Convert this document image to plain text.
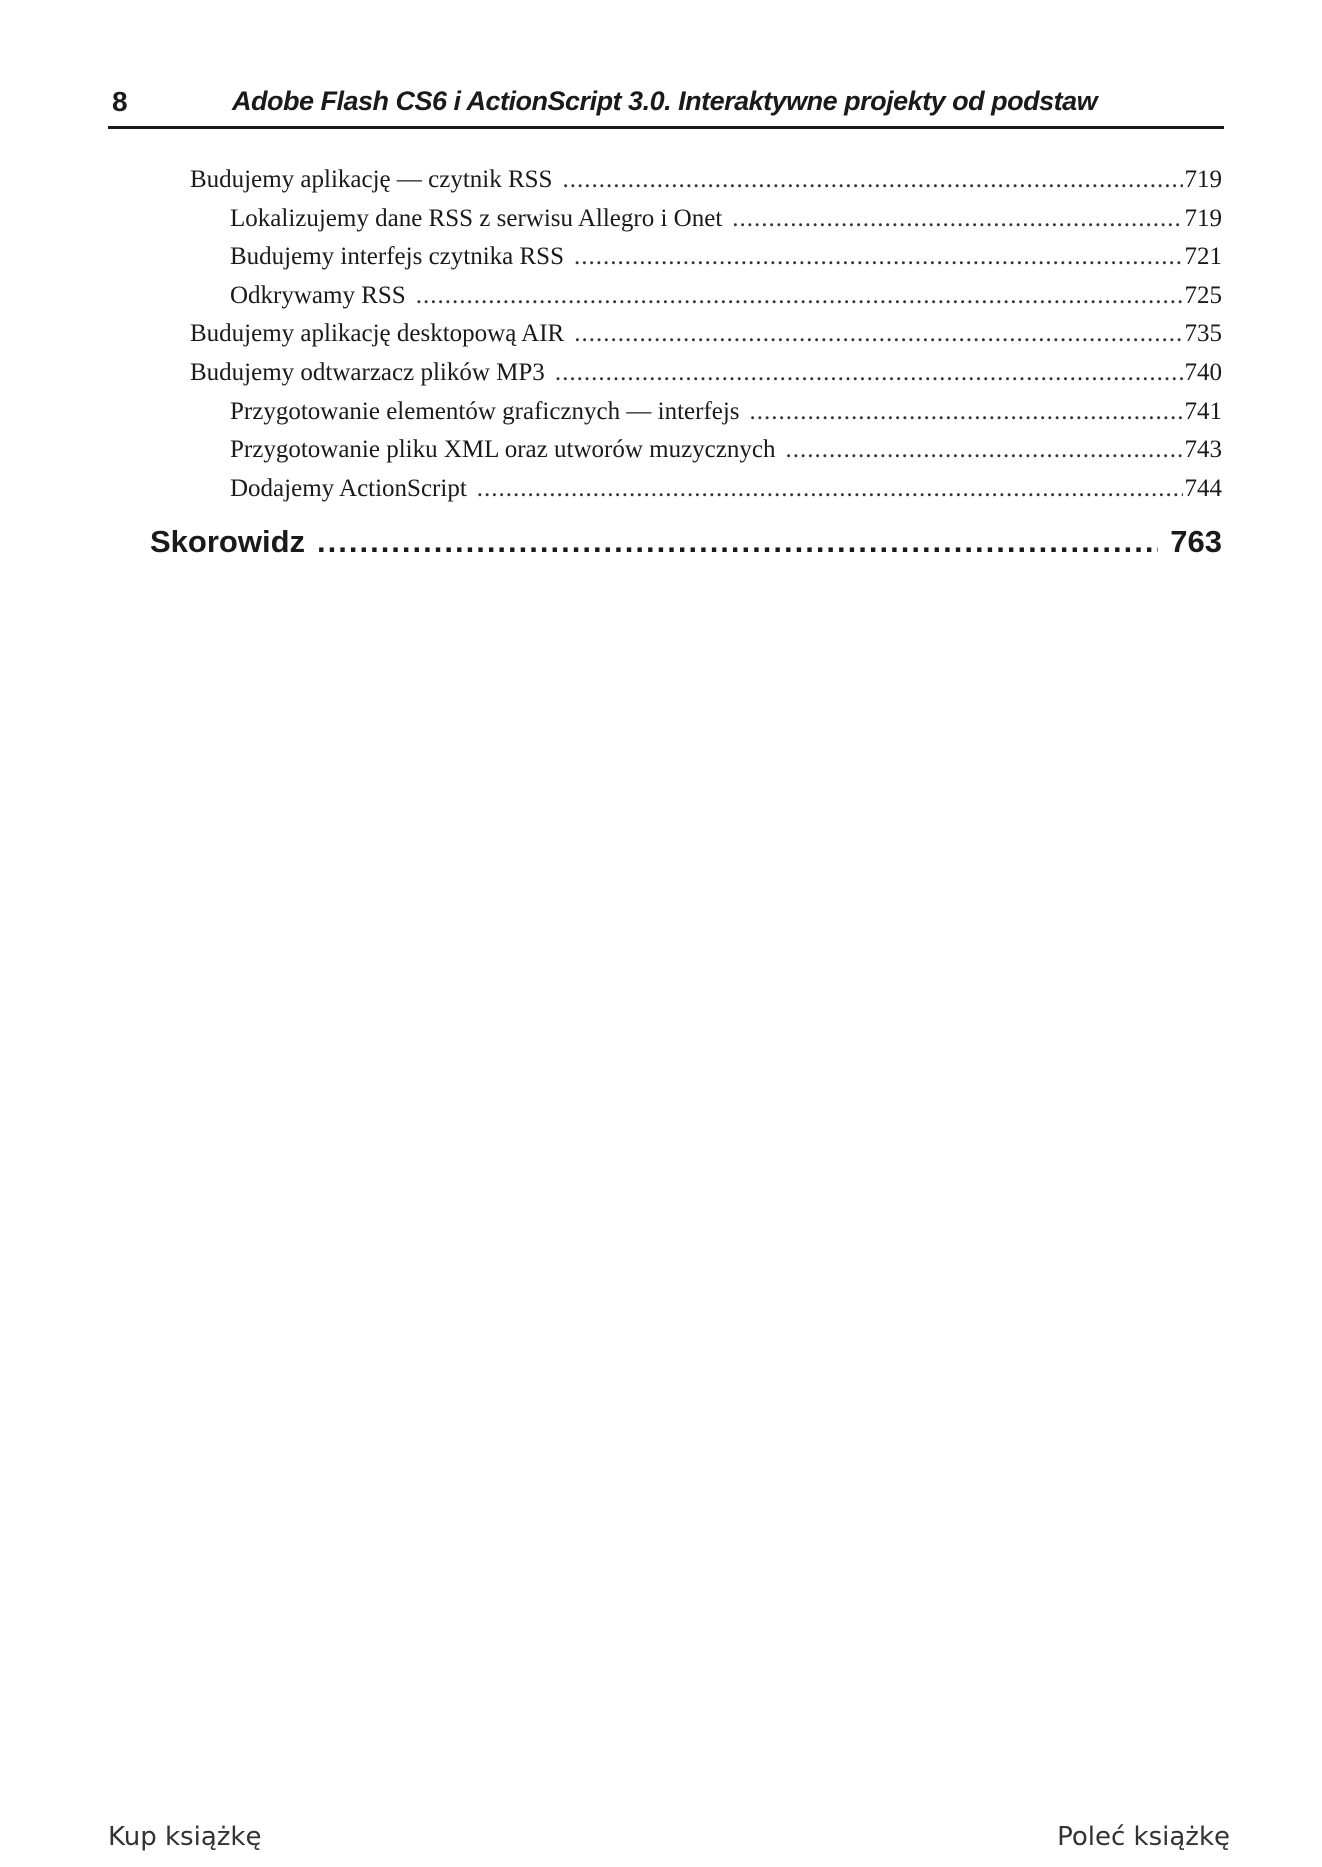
8	Adobe Flash CS6 i ActionScript 3.0. Interaktywne projekty od podstaw
Budujemy aplikację — czytnik RSS .....	719
Lokalizujemy dane RSS z serwisu Allegro i Onet .....	719
Budujemy interfejs czytnika RSS .....	721
Odkrywamy RSS .....	725
Budujemy aplikację desktopową AIR .....	735
Budujemy odtwarzacz plików MP3 .....	740
Przygotowanie elementów graficznych — interfejs .....	741
Przygotowanie pliku XML oraz utworów muzycznych .....	743
Dodajemy ActionScript .....	744
Skorowidz .....	763
Kup książkę	Poleć książkę
